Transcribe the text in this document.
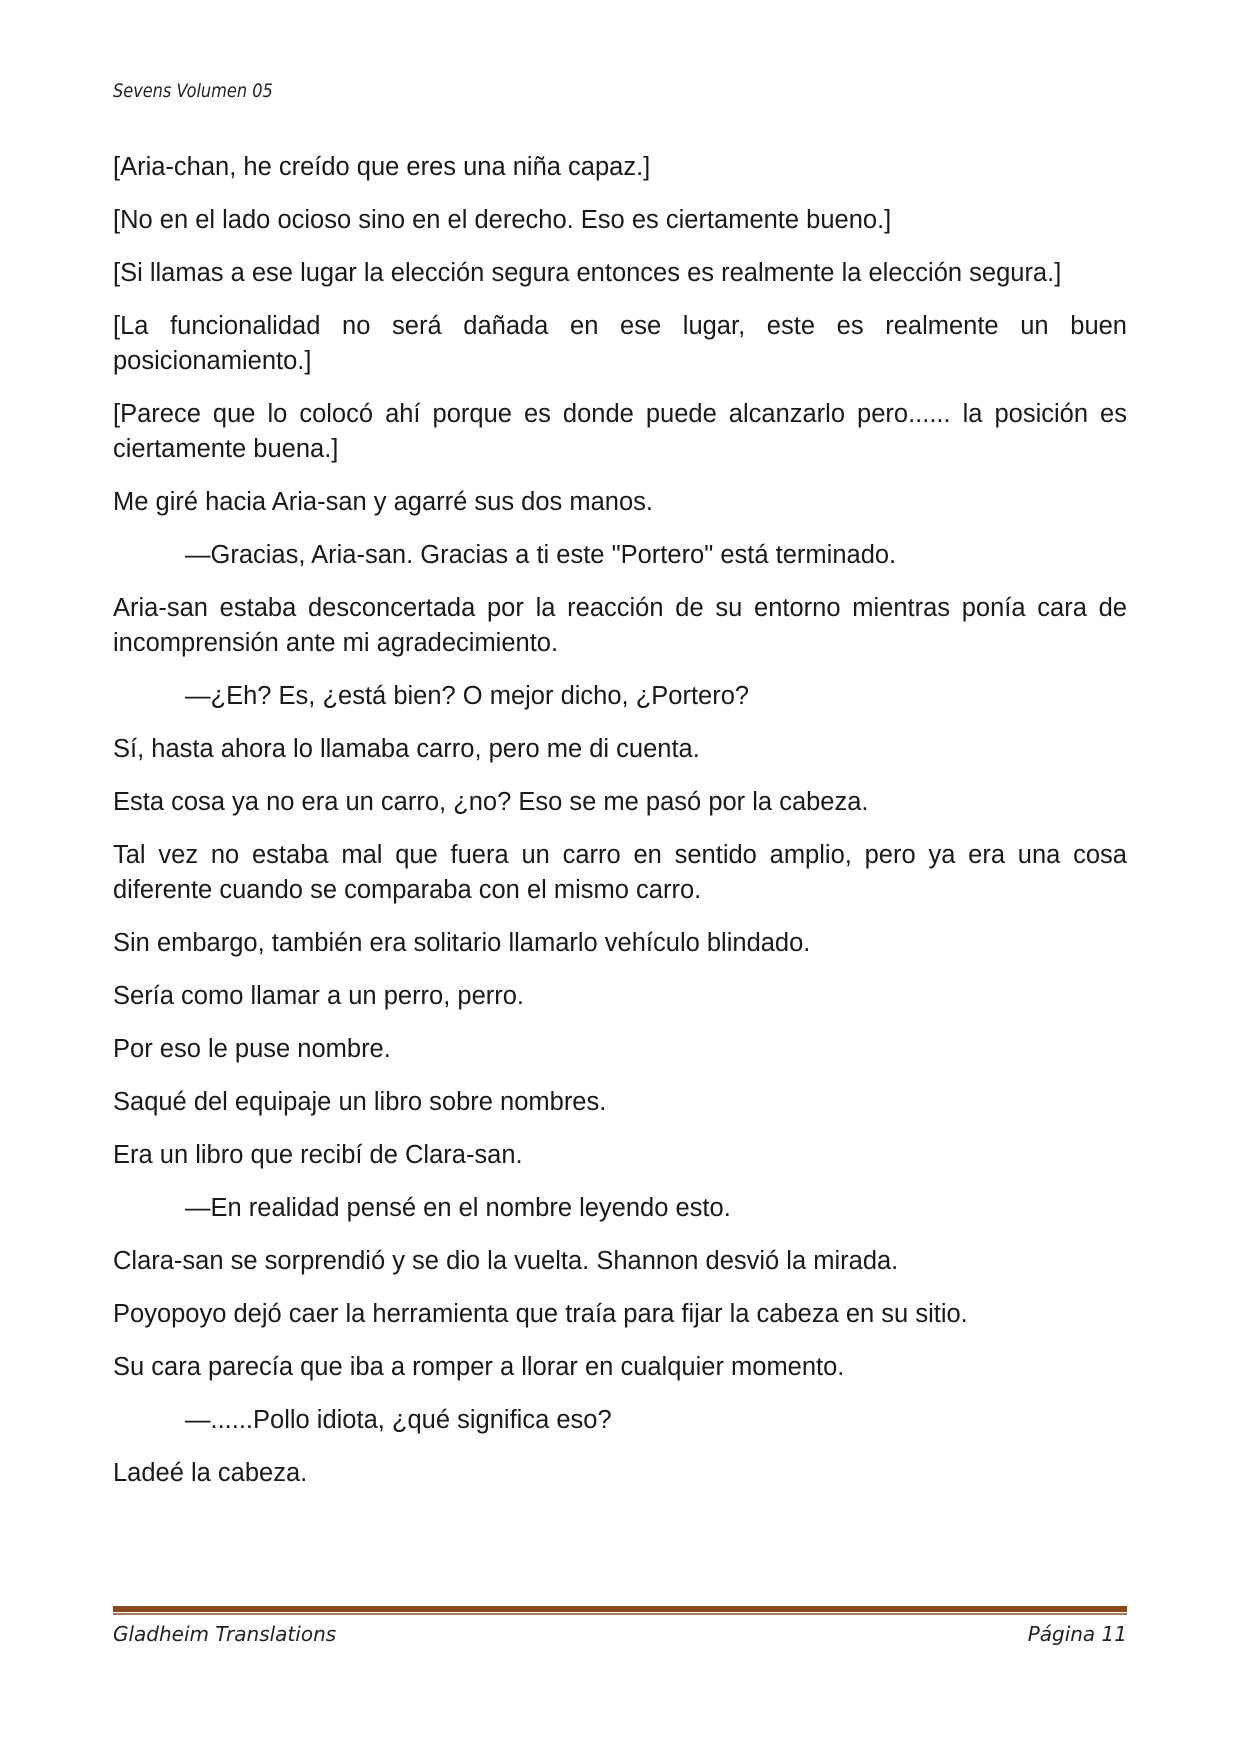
Sevens Volumen 05

[Aria-chan, he creído que eres una niña capaz.]

[No en el lado ocioso sino en el derecho. Eso es ciertamente bueno.]

[Si llamas a ese lugar la elección segura entonces es realmente la elección segura.]

[La funcionalidad no será dañada en ese lugar, este es realmente un buen posicionamiento.]

[Parece que lo colocó ahí porque es donde puede alcanzarlo pero...... la posición es ciertamente buena.]

Me giré hacia Aria-san y agarré sus dos manos.

—Gracias, Aria-san. Gracias a ti este "Portero" está terminado.

Aria-san estaba desconcertada por la reacción de su entorno mientras ponía cara de incomprensión ante mi agradecimiento.

—¿Eh? Es, ¿está bien? O mejor dicho, ¿Portero?

Sí, hasta ahora lo llamaba carro, pero me di cuenta.

Esta cosa ya no era un carro, ¿no? Eso se me pasó por la cabeza.

Tal vez no estaba mal que fuera un carro en sentido amplio, pero ya era una cosa diferente cuando se comparaba con el mismo carro.

Sin embargo, también era solitario llamarlo vehículo blindado.

Sería como llamar a un perro, perro.

Por eso le puse nombre.

Saqué del equipaje un libro sobre nombres.

Era un libro que recibí de Clara-san.

—En realidad pensé en el nombre leyendo esto.

Clara-san se sorprendió y se dio la vuelta. Shannon desvió la mirada.

Poyopoyo dejó caer la herramienta que traía para fijar la cabeza en su sitio.

Su cara parecía que iba a romper a llorar en cualquier momento.

—......Pollo idiota, ¿qué significa eso?

Ladeé la cabeza.

Gladheim Translations	Página 11
